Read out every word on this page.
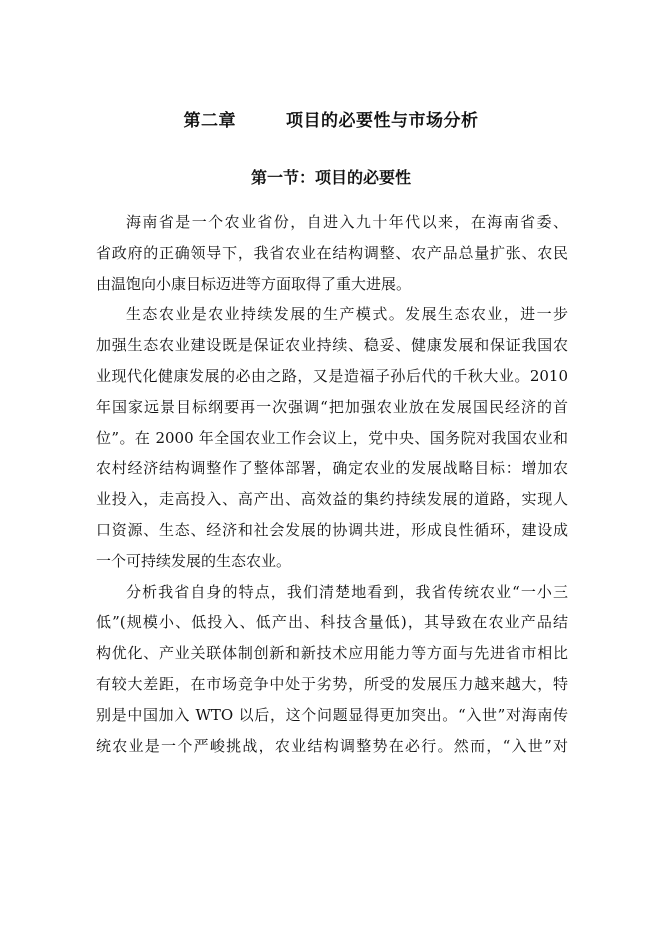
第二章	项目的必要性与市场分析
第一节：项目的必要性
海南省是一个农业省份，自进入九十年代以来，在海南省委、
省政府的正确领导下，我省农业在结构调整、农产品总量扩张、农民
由温饱向小康目标迈进等方面取得了重大进展。
生态农业是农业持续发展的生产模式。发展生态农业，进一步
加强生态农业建设既是保证农业持续、稳妥、健康发展和保证我国农
业现代化健康发展的必由之路，又是造福子孙后代的千秋大业。2010
年国家远景目标纲要再一次强调“把加强农业放在发展国民经济的首
位”。在 2000 年全国农业工作会议上，党中央、国务院对我国农业和
农村经济结构调整作了整体部署，确定农业的发展战略目标：增加农
业投入，走高投入、高产出、高效益的集约持续发展的道路，实现人
口资源、生态、经济和社会发展的协调共进，形成良性循环，建设成
一个可持续发展的生态农业。
分析我省自身的特点，我们清楚地看到，我省传统农业“一小三
低”(规模小、低投入、低产出、科技含量低)，其导致在农业产品结
构优化、产业关联体制创新和新技术应用能力等方面与先进省市相比
有较大差距，在市场竞争中处于劣势，所受的发展压力越来越大，特
别是中国加入 WTO 以后，这个问题显得更加突出。“入世”对海南传
统农业是一个严峻挑战，农业结构调整势在必行。然而，“入世”对
